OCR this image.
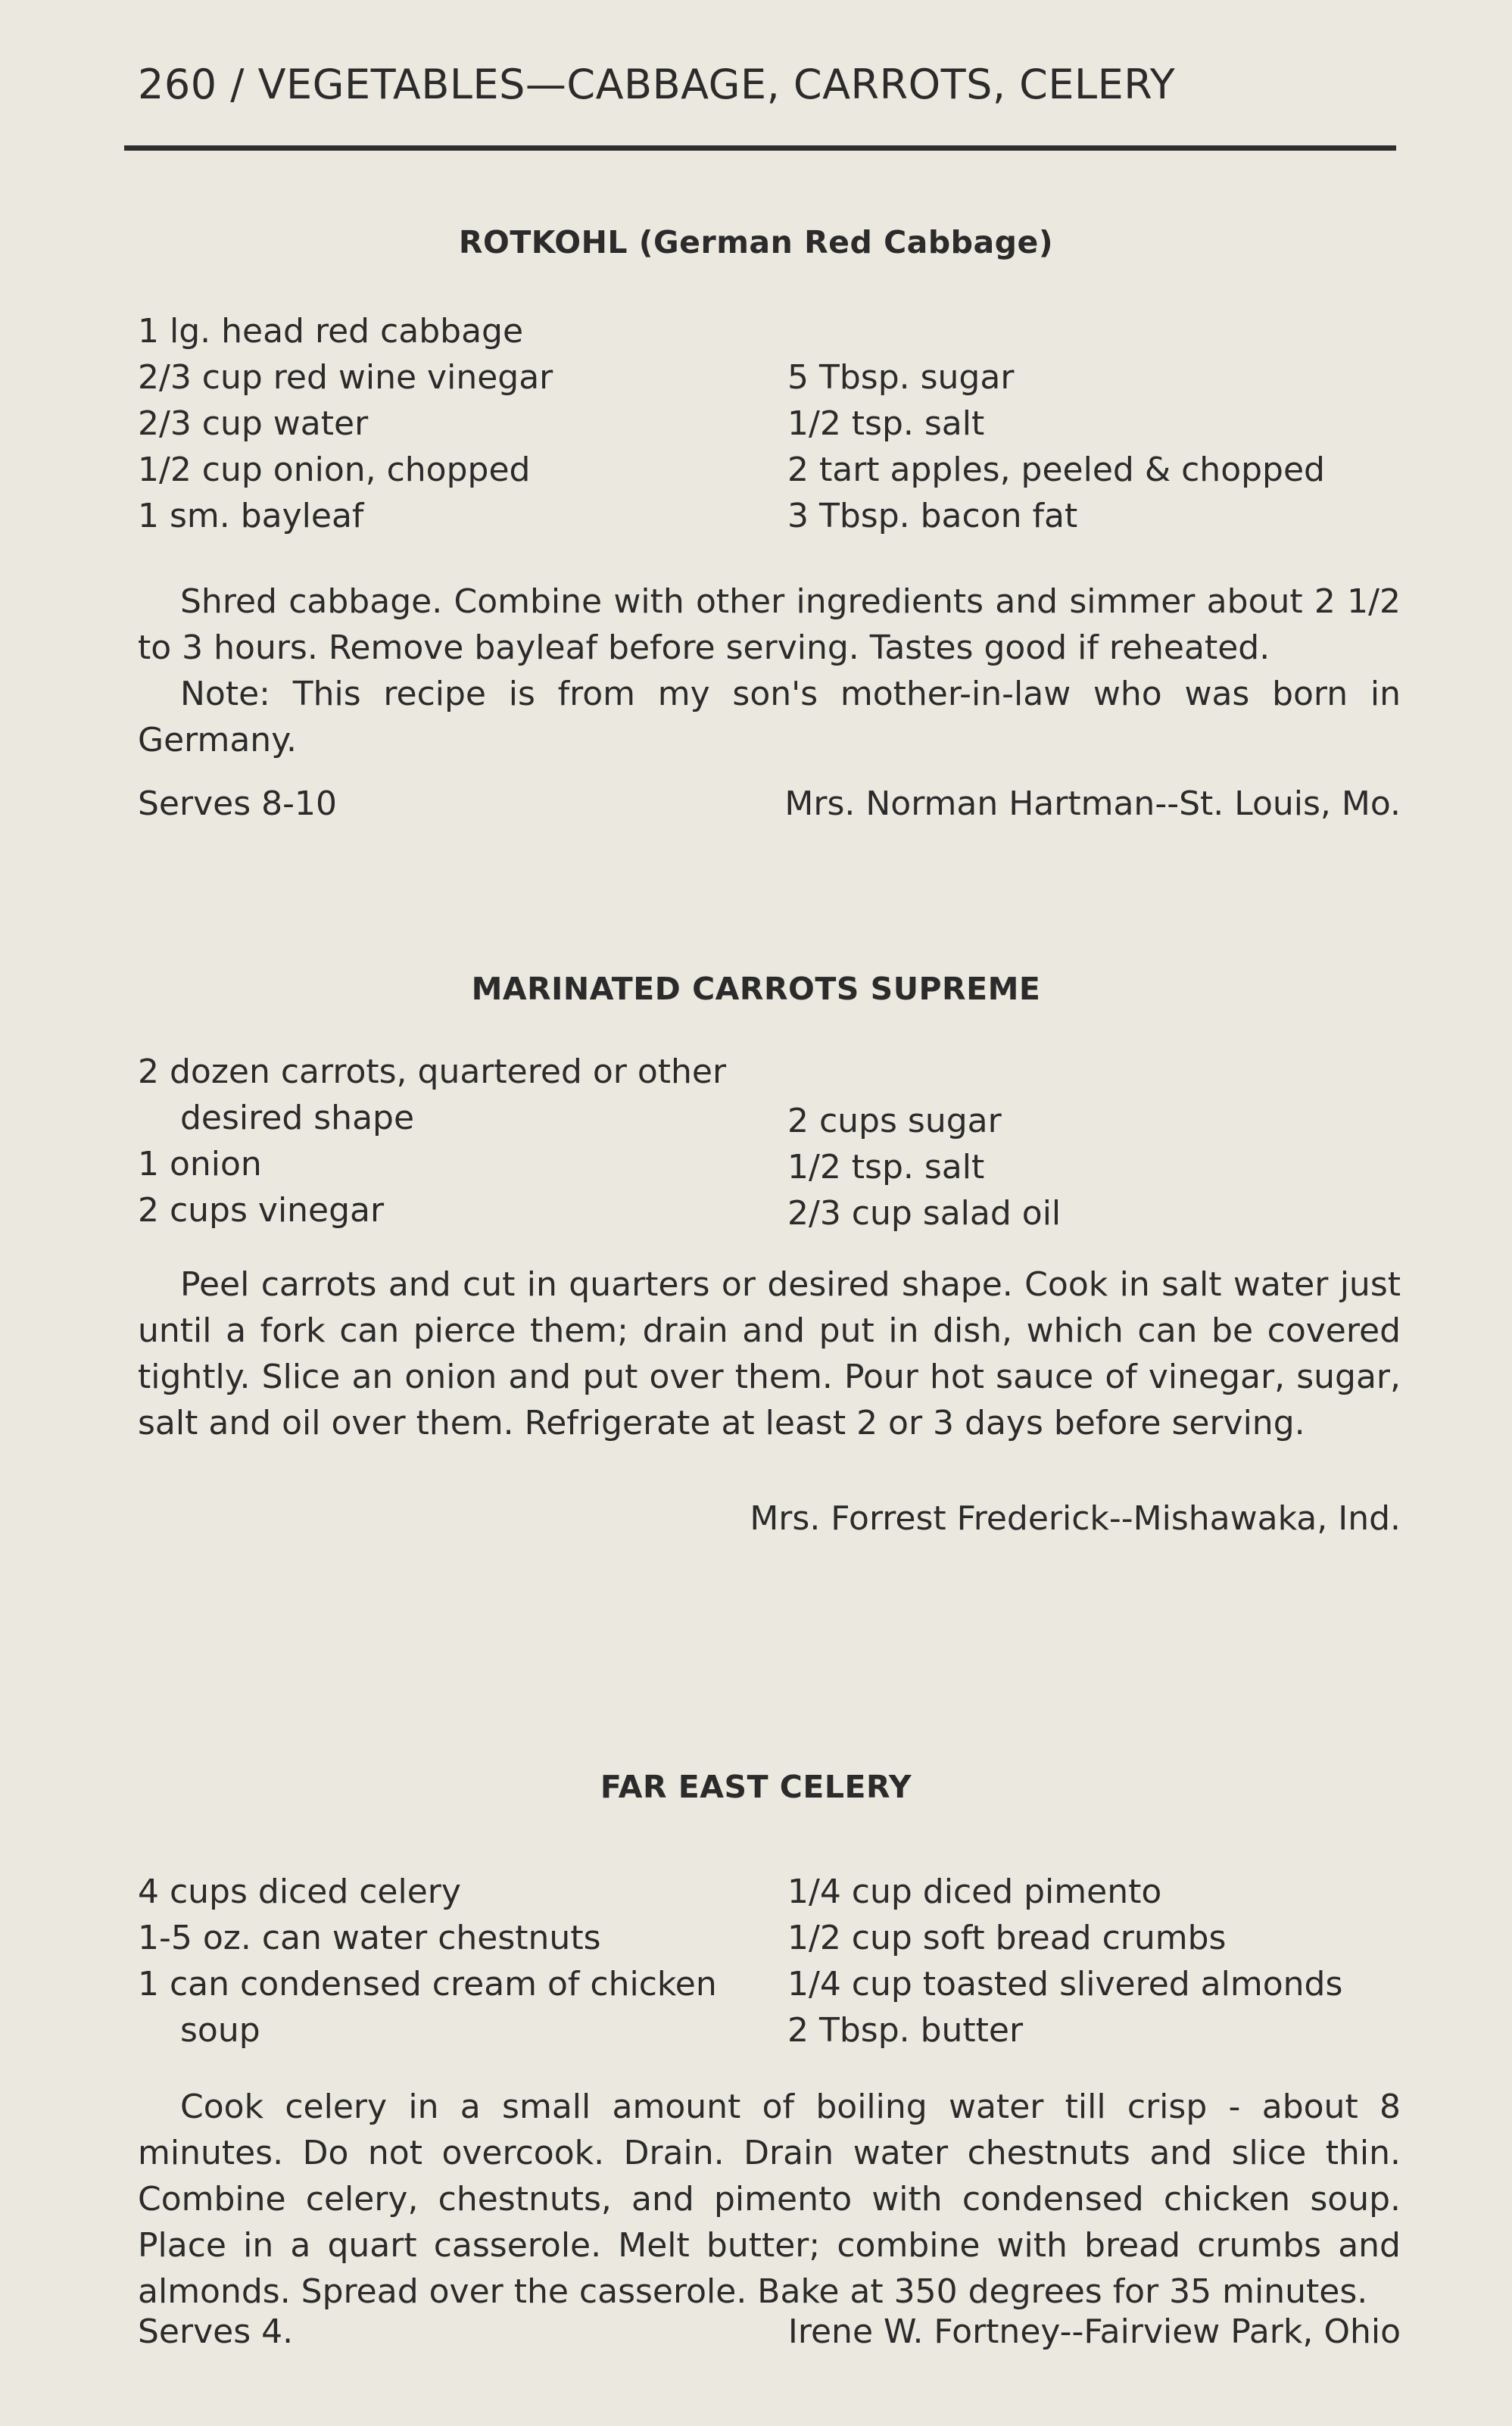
260 / VEGETABLES—CABBAGE, CARROTS, CELERY
ROTKOHL (German Red Cabbage)
1 lg. head red cabbage
2/3 cup red wine vinegar
2/3 cup water
1/2 cup onion, chopped
1 sm. bayleaf
5 Tbsp. sugar
1/2 tsp. salt
2 tart apples, peeled & chopped
3 Tbsp. bacon fat

Shred cabbage. Combine with other ingredients and simmer about 2 1/2 to 3 hours. Remove bayleaf before serving. Tastes good if reheated.

Note: This recipe is from my son's mother-in-law who was born in Germany.

Serves 8-10	Mrs. Norman Hartman--St. Louis, Mo.
MARINATED CARROTS SUPREME
2 dozen carrots, quartered or other
desired shape
1 onion
2 cups vinegar
2 cups sugar
1/2 tsp. salt
2/3 cup salad oil

Peel carrots and cut in quarters or desired shape. Cook in salt water just until a fork can pierce them; drain and put in dish, which can be covered tightly. Slice an onion and put over them. Pour hot sauce of vinegar, sugar, salt and oil over them. Refrigerate at least 2 or 3 days before serving.

Mrs. Forrest Frederick--Mishawaka, Ind.
FAR EAST CELERY
4 cups diced celery
1-5 oz. can water chestnuts
1 can condensed cream of chicken
soup
1/4 cup diced pimento
1/2 cup soft bread crumbs
1/4 cup toasted slivered almonds
2 Tbsp. butter

Cook celery in a small amount of boiling water till crisp - about 8 minutes. Do not overcook. Drain. Drain water chestnuts and slice thin. Combine celery, chestnuts, and pimento with condensed chicken soup. Place in a quart casserole. Melt butter; combine with bread crumbs and almonds. Spread over the casserole. Bake at 350 degrees for 35 minutes.

Serves 4.	Irene W. Fortney--Fairview Park, Ohio
